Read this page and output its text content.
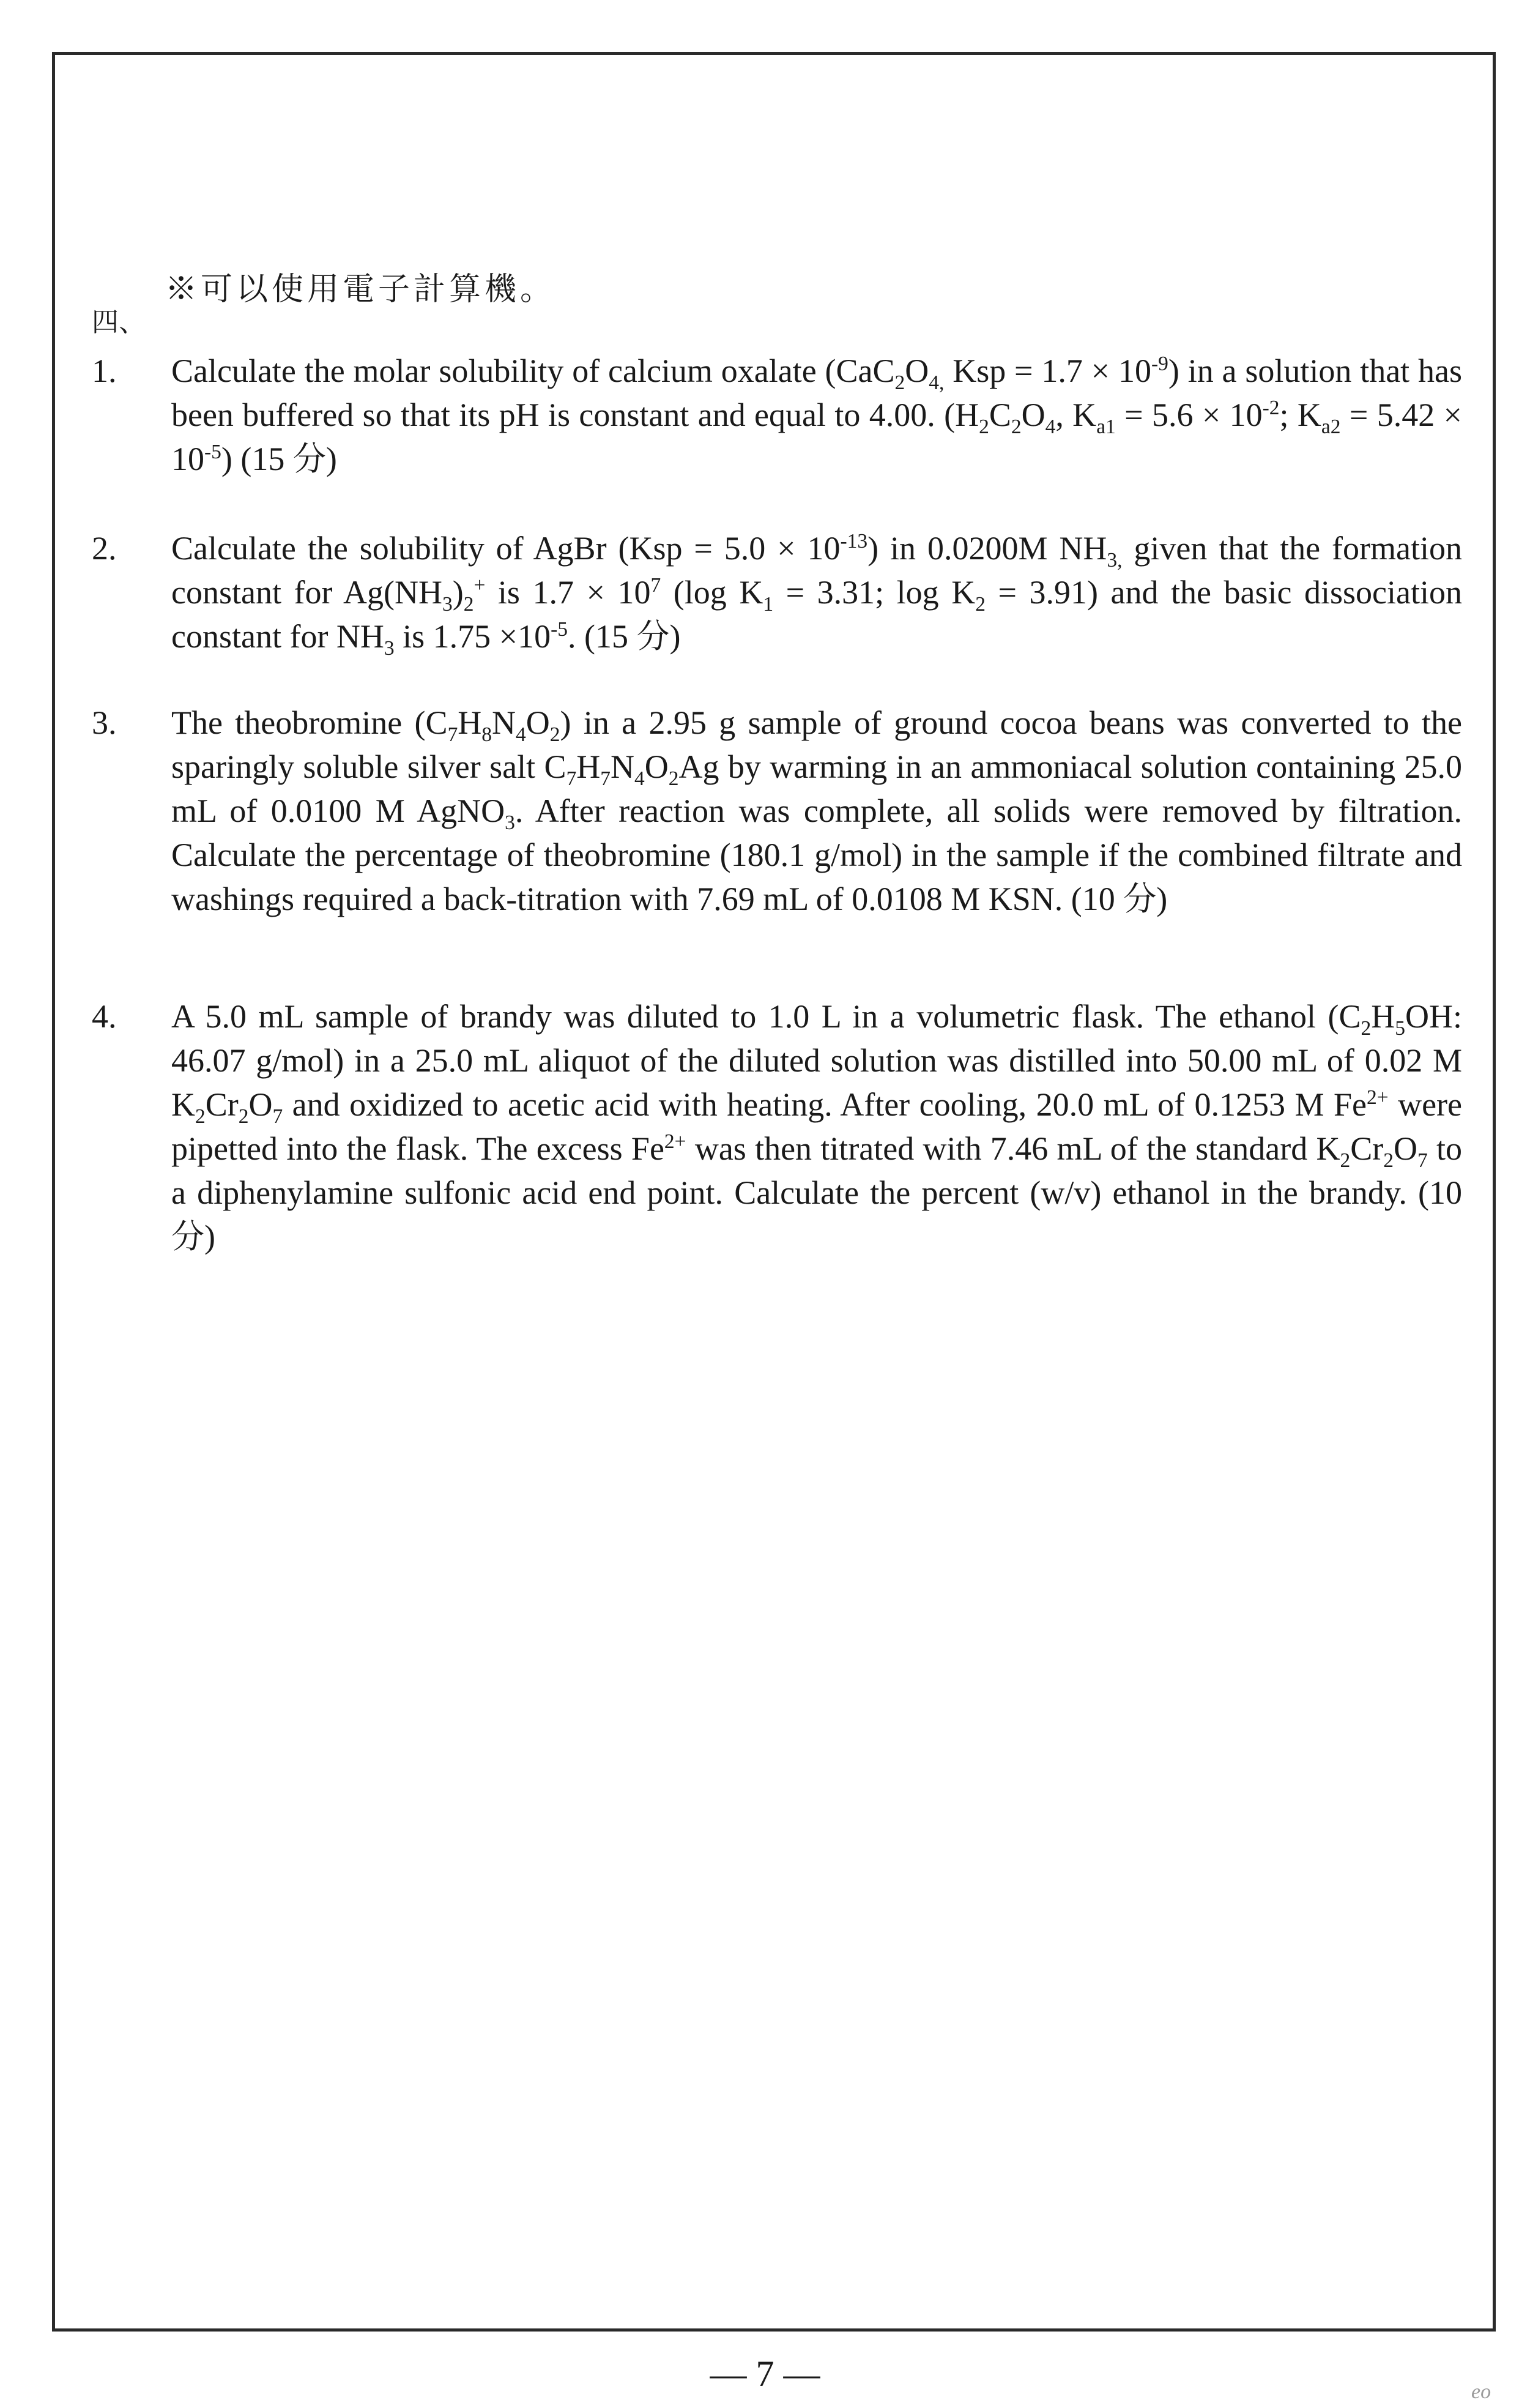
※可以使用電子計算機。
四、
1.	Calculate the molar solubility of calcium oxalate ($CaC_2O_{4,}$ Ksp = $1.7 \times 10^{-9}$) in a solution that has been buffered so that its pH is constant and equal to 4.00. ($H_2C_2O_4$, $K_{a1} = 5.6 \times 10^{-2}$; $K_{a2} = 5.42 \times 10^{-5}$) (15 分)
2.	Calculate the solubility of AgBr $(Ksp = 5.0 \times 10^{-13})$ in 0.0200M $NH_{3,}$ given that the formation constant for $Ag(NH_3)_2^+$ is $1.7 \times 10^7$ (log $K_1 = 3.31$; $\log K_2 = 3.91$) and the basic dissociation constant for $NH_3$ is $1.75 \times 10^{-5}$. (15 分)
3.	The theobromine $(C_7H_8N_4O_2)$ in a 2.95 g sample of ground cocoa beans was converted to the sparingly soluble silver salt $C_7H_7N_4O_2Ag$ by warming in an ammoniacal solution containing 25.0 mL of 0.0100 M AgNO$_3$. After reaction was complete, all solids were removed by filtration. Calculate the percentage of theobromine (180.1 g/mol) in the sample if the combined filtrate and washings required a back-titration with 7.69 mL of 0.0108 M KSN. (10 分)
4.	A 5.0 mL sample of brandy was diluted to 1.0 L in a volumetric flask. The ethanol ($C_2H_5OH$: 46.07 g/mol) in a 25.0 mL aliquot of the diluted solution was distilled into 50.00 mL of 0.02 M $K_2Cr_2O_7$ and oxidized to acetic acid with heating. After cooling, 20.0 mL of 0.1253 M $Fe^{2+}$ were pipetted into the flask. The excess $Fe^{2+}$ was then titrated with 7.46 mL of the standard $K_2Cr_2O_7$ to a diphenylamine sulfonic acid end point. Calculate the percent (w/v) ethanol in the brandy. (10 分)
— 7 —	eo
